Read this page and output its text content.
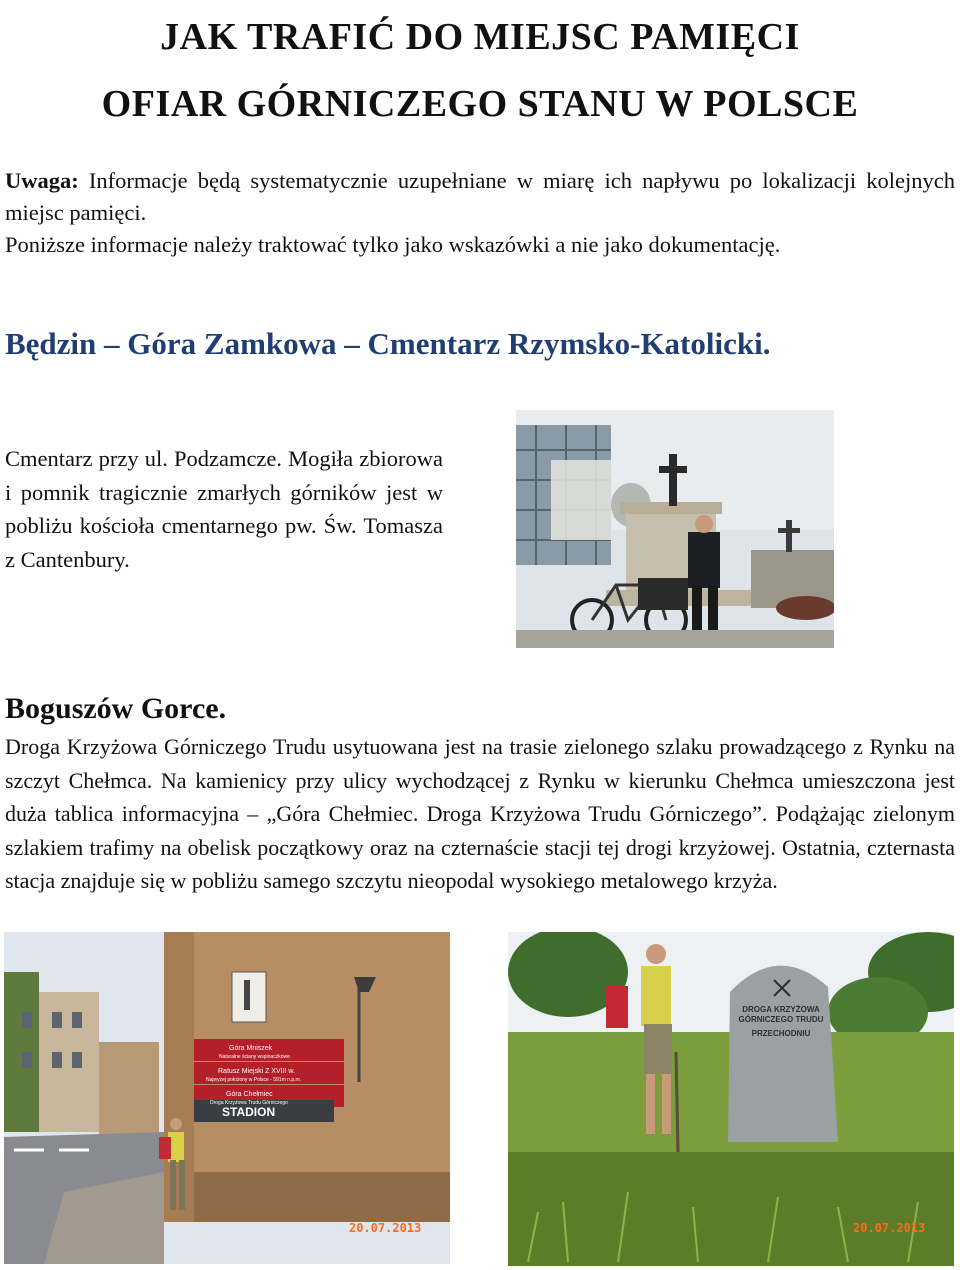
JAK TRAFIĆ DO MIEJSC PAMIĘCI
OFIAR GÓRNICZEGO STANU W POLSCE

Uwaga: Informacje będą systematycznie uzupełniane w miarę ich napływu po lokalizacji kolejnych miejsc pamięci.
Poniższe informacje należy traktować tylko jako wskazówki a nie jako dokumentację.

Będzin – Góra Zamkowa – Cmentarz Rzymsko-Katolicki.

Cmentarz przy ul. Podzamcze. Mogiła zbiorowa i pomnik tragicznie zmarłych górników jest w pobliżu kościoła cmentarnego pw. Św. Tomasza z Cantenbury.

Boguszów Gorce.

Droga Krzyżowa Górniczego Trudu usytuowana jest na trasie zielonego szlaku prowadzącego z Rynku na szczyt Chełmca. Na kamienicy przy ulicy wychodzącej z Rynku w kierunku Chełmca umieszczona jest duża tablica informacyjna – „Góra Chełmiec. Droga Krzyżowa Trudu Górniczego”. Podążając zielonym szlakiem trafimy na obelisk początkowy oraz na czternaście stacji tej drogi krzyżowej. Ostatnia, czternasta stacja znajduje się w pobliżu samego szczytu nieopodal wysokiego metalowego krzyża.

Góra Mniszek
Naturalne ściany wspinaczkowe
Ratusz Miejski Z XVIII w.
Najwyżej położony w Polsce - 591m n.p.m.
Góra Chełmiec
Droga Krzyżowa Trudu Górniczego
STADION
20.07.2013
DROGA KRZYŻOWA
GÓRNICZEGO TRUDU
PRZECHODNIU
20.07.2013
